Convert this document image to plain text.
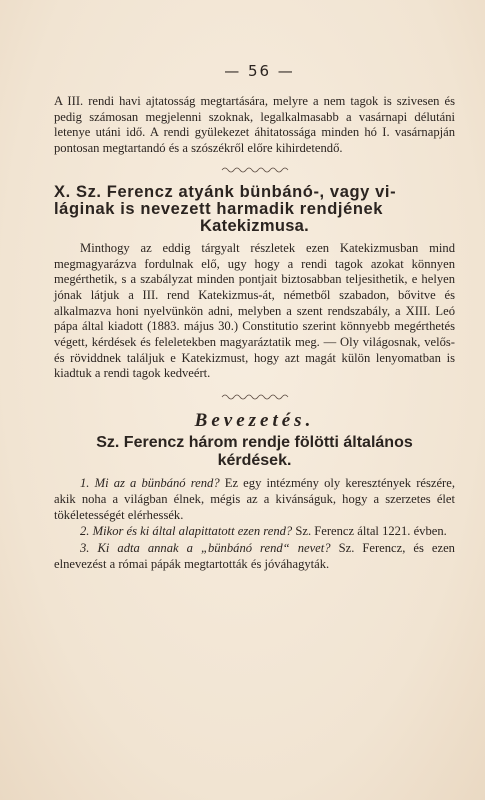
— 56 —

A III. rendi havi ajtatosság megtartására, melyre a nem tagok is szivesen és pedig számosan megjelenni szoknak, legalkalmasabb a vasárnapi délutáni letenye utáni idő. A rendi gyülekezet áhitatossága minden hó I. vasárnapján pontosan megtartandó és a szószékről előre kihirdetendő.

X. Sz. Ferencz atyánk bünbánó-, vagy vi-
láginak is nevezett harmadik rendjének
Katekizmusa.

Minthogy az eddig tárgyalt részletek ezen Katekizmusban mind megmagyarázva fordulnak elő, ugy hogy a rendi tagok azokat könnyen megérthetik, s a szabályzat minden pontjait biztosabban teljesithetik, e helyen jónak látjuk a III. rend Katekizmus-át, németből szabadon, bővitve és alkalmazva honi nyelvünkön adni, melyben a szent rendszabály, a XIII. Leó pápa által kiadott (1883. május 30.) Constitutio szerint könnyebb megérthetés végett, kérdések és feleletekben magyaráztatik meg. — Oly világosnak, velős- és röviddnek találjuk e Katekizmust, hogy azt magát külön lenyomatban is kiadtuk a rendi tagok kedveért.

Bevezetés.
Sz. Ferencz három rendje fölötti általános
kérdések.

1. Mi az a bünbánó rend? Ez egy intézmény oly keresztények részére, akik noha a világban élnek, mégis az a kivánságuk, hogy a szerzetes élet tökéletességét elérhessék.

2. Mikor és ki által alapittatott ezen rend? Sz. Ferencz által 1221. évben.

3. Ki adta annak a „bünbánó rend“ nevet? Sz. Ferencz, és ezen elnevezést a római pápák megtartották és jóváhagyták.
